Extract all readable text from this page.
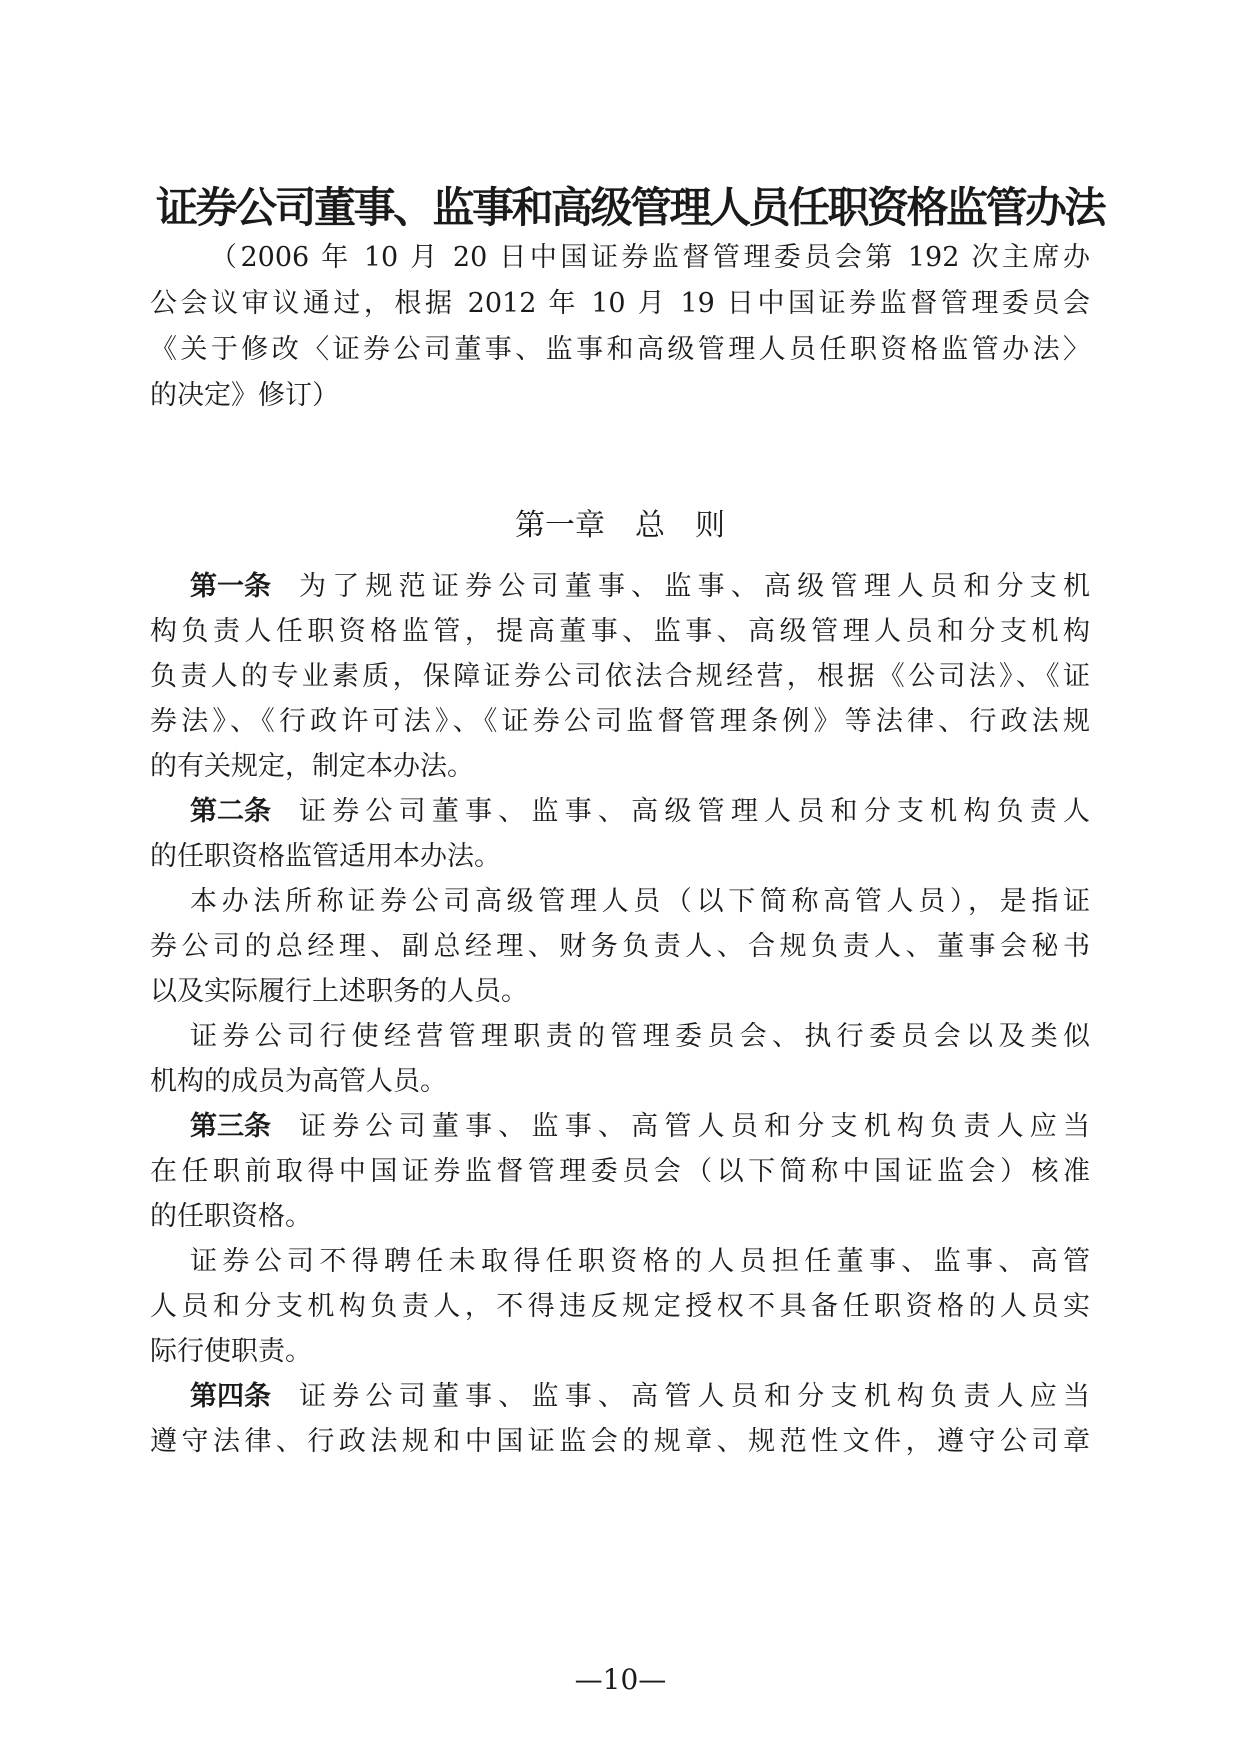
证券公司董事、监事和高级管理人员任职资格监管办法
（2006 年 10 月 20 日中国证券监督管理委员会第 192 次主席办
公会议审议通过，根据 2012 年 10 月 19 日中国证券监督管理委员会
《关于修改〈证券公司董事、监事和高级管理人员任职资格监管办法〉
的决定》修订）
第一章　总　则
第一条 为了规范证券公司董事、监事、高级管理人员和分支机
构负责人任职资格监管，提高董事、监事、高级管理人员和分支机构
负责人的专业素质，保障证券公司依法合规经营，根据《公司法》、《证
券法》、《行政许可法》、《证券公司监督管理条例》等法律、行政法规
的有关规定，制定本办法。
第二条 证券公司董事、监事、高级管理人员和分支机构负责人
的任职资格监管适用本办法。
本办法所称证券公司高级管理人员（以下简称高管人员），是指证
券公司的总经理、副总经理、财务负责人、合规负责人、董事会秘书
以及实际履行上述职务的人员。
证券公司行使经营管理职责的管理委员会、执行委员会以及类似
机构的成员为高管人员。
第三条 证券公司董事、监事、高管人员和分支机构负责人应当
在任职前取得中国证券监督管理委员会（以下简称中国证监会）核准
的任职资格。
证券公司不得聘任未取得任职资格的人员担任董事、监事、高管
人员和分支机构负责人，不得违反规定授权不具备任职资格的人员实
际行使职责。
第四条 证券公司董事、监事、高管人员和分支机构负责人应当
遵守法律、行政法规和中国证监会的规章、规范性文件，遵守公司章
—10—
